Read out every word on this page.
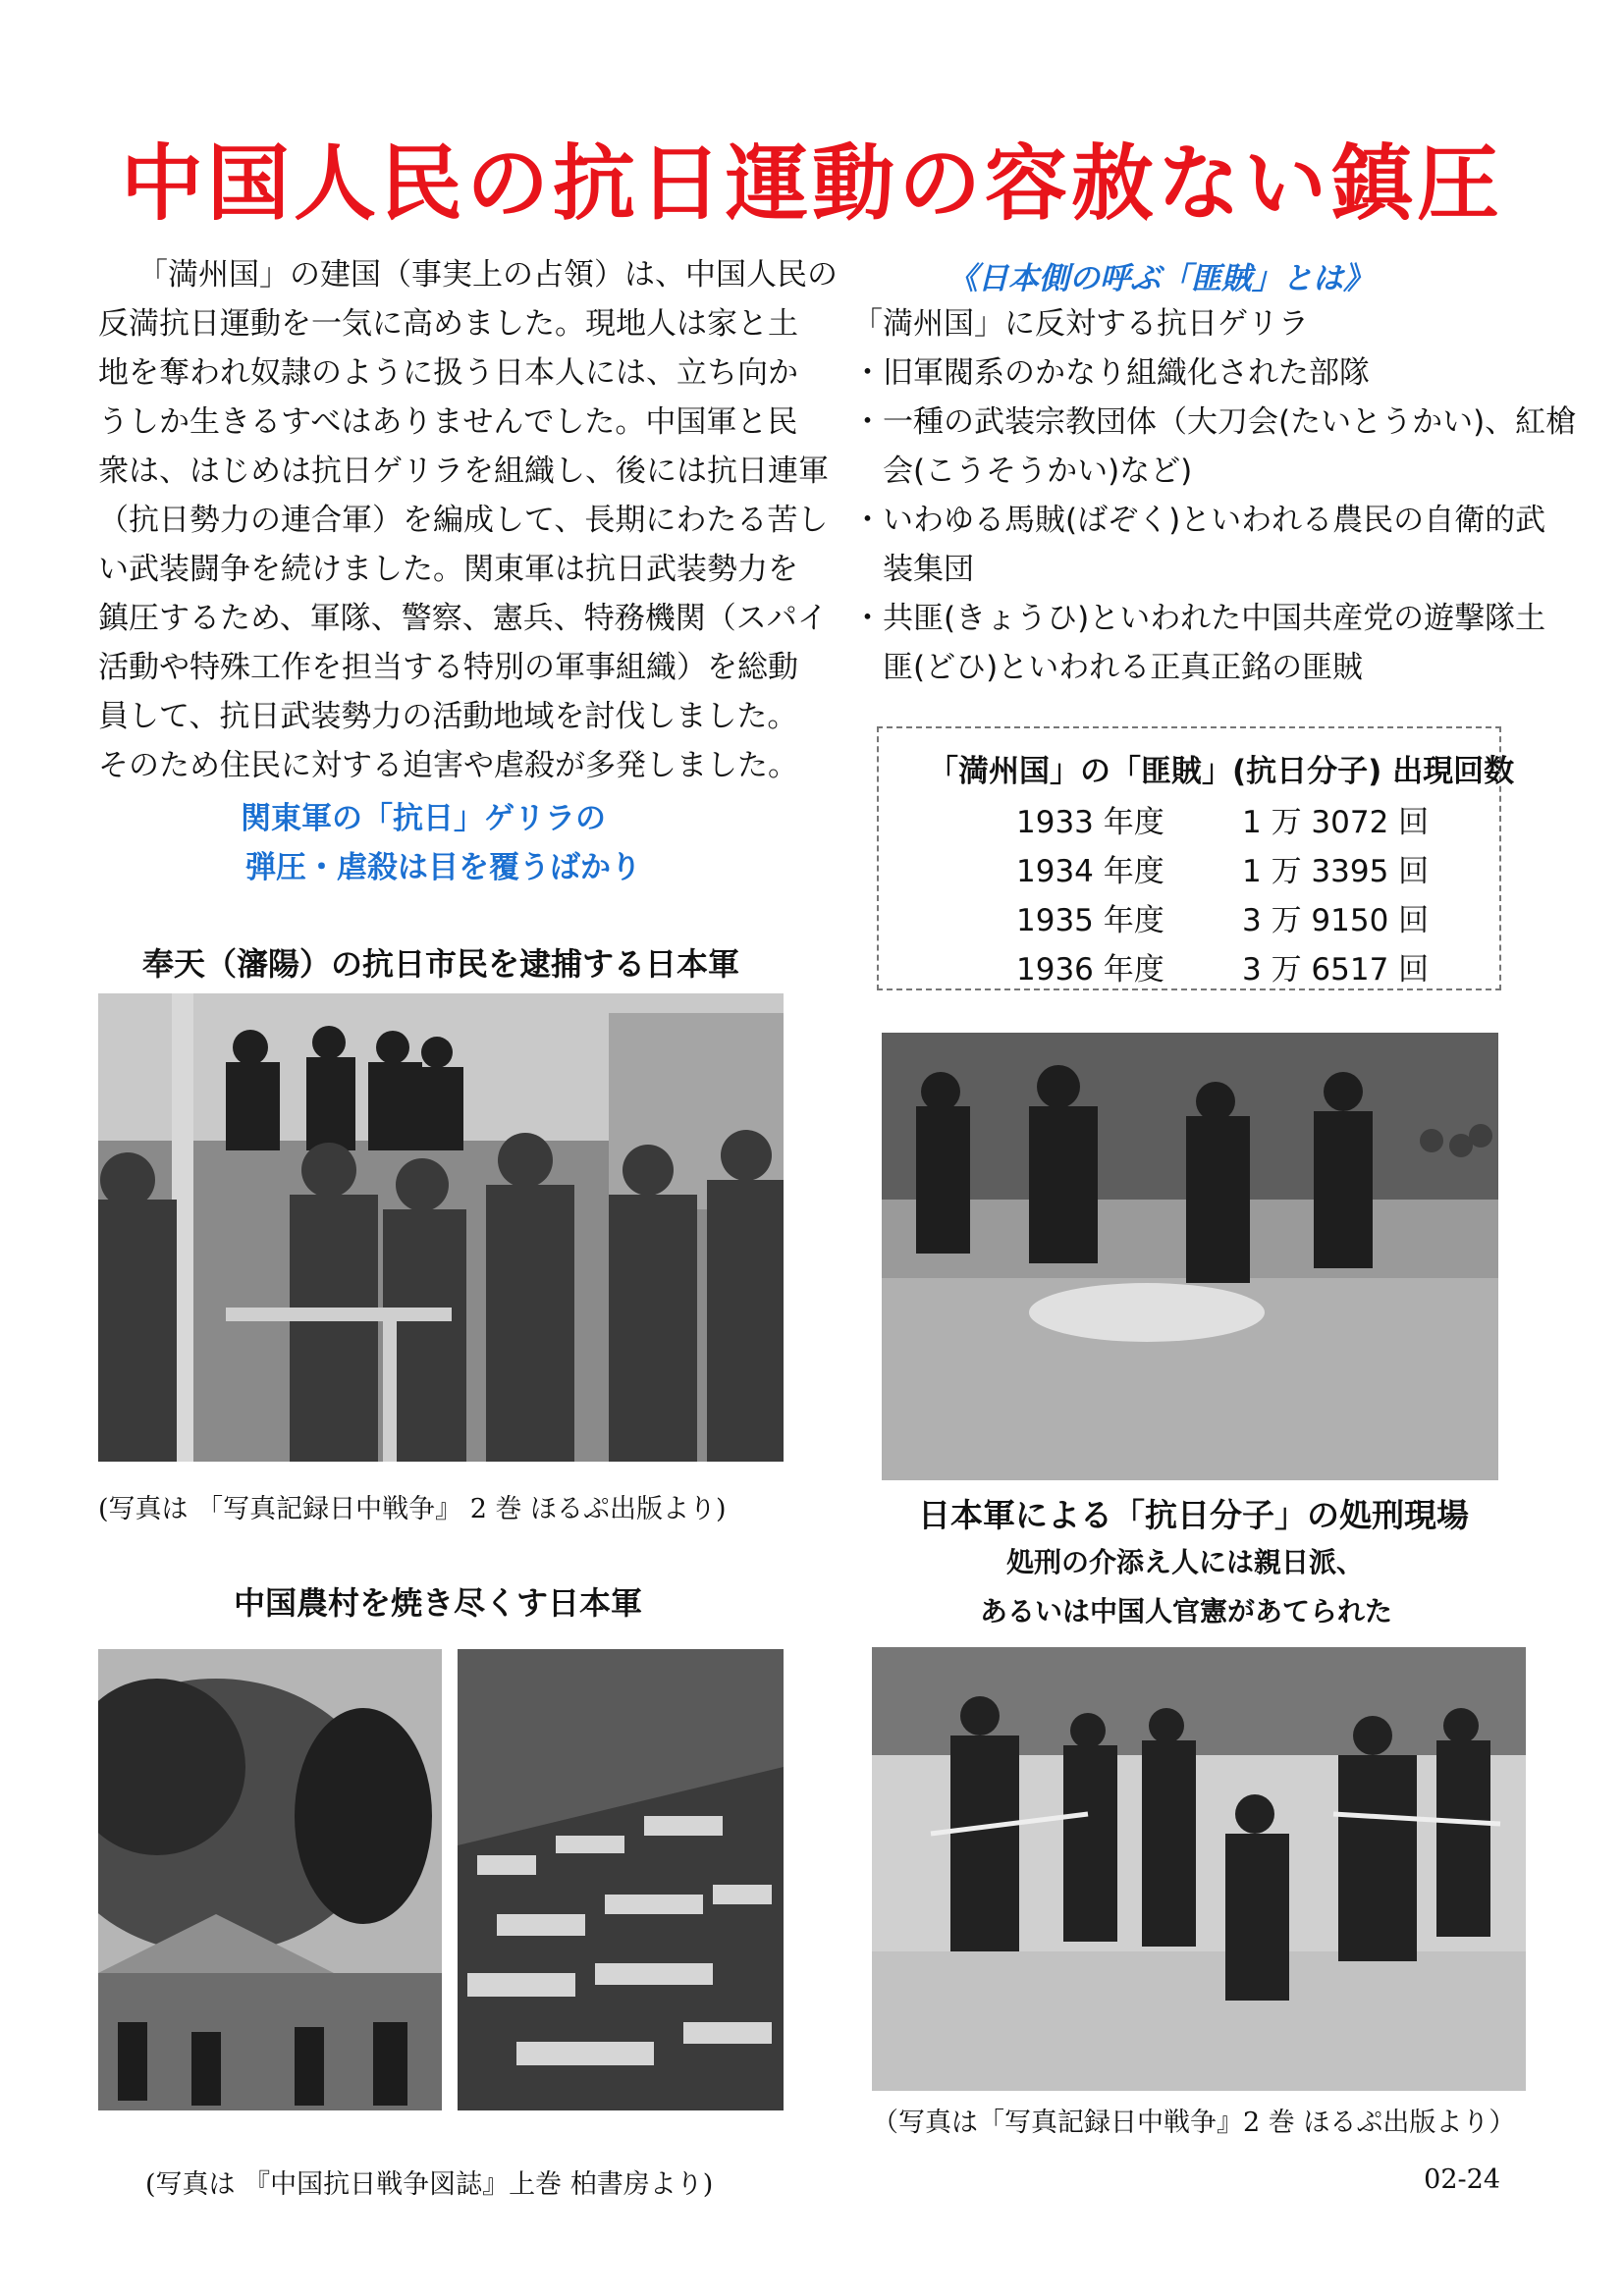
中国人民の抗日運動の容赦ない鎮圧
「満州国」の建国（事実上の占領）は、中国人民の
反満抗日運動を一気に高めました。現地人は家と土
地を奪われ奴隷のように扱う日本人には、立ち向か
うしか生きるすべはありませんでした。中国軍と民
衆は、はじめは抗日ゲリラを組織し、後には抗日連軍
（抗日勢力の連合軍）を編成して、長期にわたる苦し
い武装闘争を続けました。関東軍は抗日武装勢力を
鎮圧するため、軍隊、警察、憲兵、特務機関（スパイ
活動や特殊工作を担当する特別の軍事組織）を総動
員して、抗日武装勢力の活動地域を討伐しました。
そのため住民に対する迫害や虐殺が多発しました。
関東軍の「抗日」ゲリラの
弾圧・虐殺は目を覆うばかり
奉天（瀋陽）の抗日市民を逮捕する日本軍
(写真は 「写真記録日中戦争』 2 巻 ほるぷ出版より)
中国農村を焼き尽くす日本軍
(写真は 『中国抗日戦争図誌』上巻 柏書房より)
《日本側の呼ぶ「匪賊」とは》
「満州国」に反対する抗日ゲリラ
・旧軍閥系のかなり組織化された部隊
・一種の武装宗教団体（大刀会(たいとうかい)、紅槍
　会(こうそうかい)など)
・いわゆる馬賊(ばぞく)といわれる農民の自衛的武
　装集団
・共匪(きょうひ)といわれた中国共産党の遊撃隊土
　匪(どひ)といわれる正真正銘の匪賊
「満州国」の「匪賊」(抗日分子) 出現回数
1933 年度	1 万 3072 回
1934 年度	1 万 3395 回
1935 年度	3 万 9150 回
1936 年度	3 万 6517 回
日本軍による「抗日分子」の処刑現場
処刑の介添え人には親日派、
あるいは中国人官憲があてられた
（写真は「写真記録日中戦争』2 巻 ほるぷ出版より）
02-24
